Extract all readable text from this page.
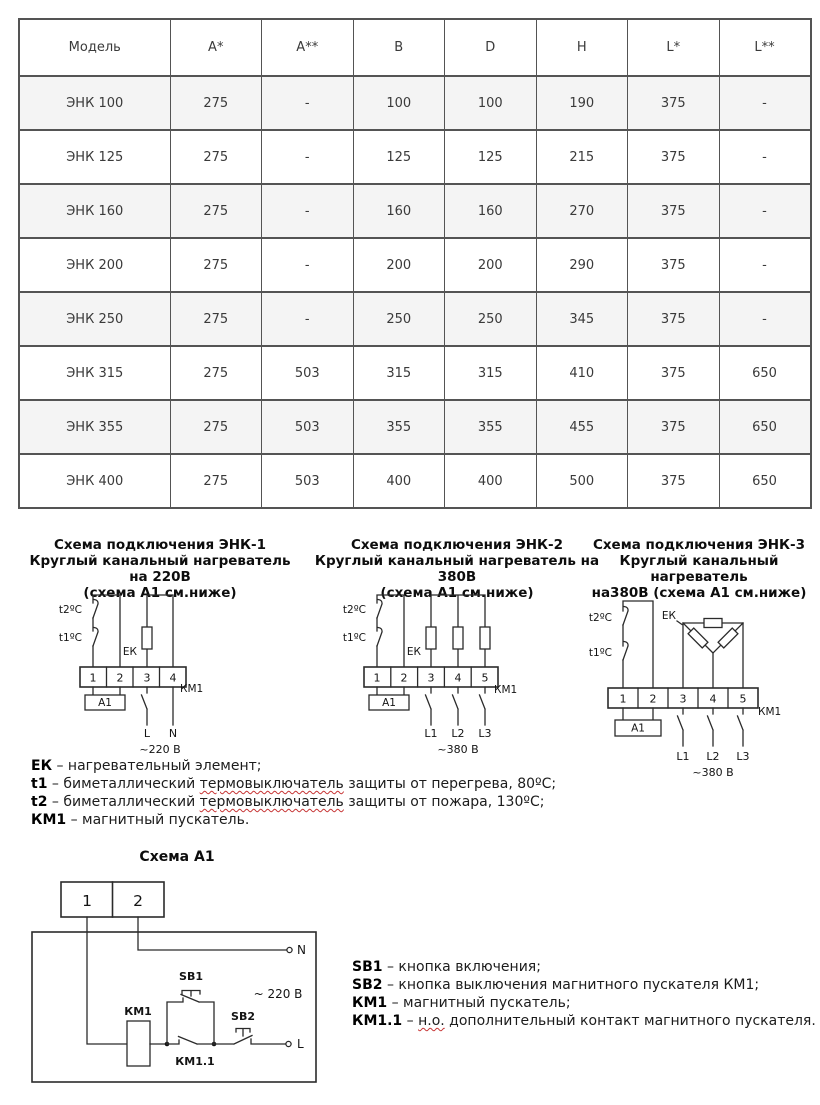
Модель	A*	A**	B	D	H	L*	L**
ЭНК 100	275	-	100	100	190	375	-
ЭНК 125	275	-	125	125	215	375	-
ЭНК 160	275	-	160	160	270	375	-
ЭНК 200	275	-	200	200	290	375	-
ЭНК 250	275	-	250	250	345	375	-
ЭНК 315	275	503	315	315	410	375	650
ЭНК 355	275	503	355	355	455	375	650
ЭНК 400	275	503	400	400	500	375	650
Схема подключения ЭНК-1
Круглый канальный нагреватель на 220В
(схема А1 см.ниже)
Схема подключения ЭНК-2
Круглый канальный нагреватель на 380В
(схема А1 см.ниже)
Схема подключения ЭНК-3
Круглый канальный нагреватель
на380В (схема А1 см.ниже)
t2ºC
t1ºC
ЕК
1 2 3 4
А1
КМ1
L N
~220 В
t2ºC
t1ºC
ЕК
1 2 3 4 5
А1
КМ1
L1 L2 L3
~380 В
t2ºC
t1ºC
ЕК
1 2 3 4 5
А1
КМ1
L1 L2 L3
~380 В
ЕК – нагревательный элемент;
t1 – биметаллический термовыключатель защиты от перегрева, 80ºС;
t2 – биметаллический термовыключатель защиты от пожара, 130ºС;
КМ1 – магнитный пускатель.
Схема А1
1	2
N
КМ1
КМ1.1
SB1
SB2
L
~ 220 В
SB1 – кнопка включения;
SB2 – кнопка выключения магнитного пускателя КМ1;
КМ1 – магнитный пускатель;
КМ1.1 – н.о. дополнительный контакт магнитного пускателя.
